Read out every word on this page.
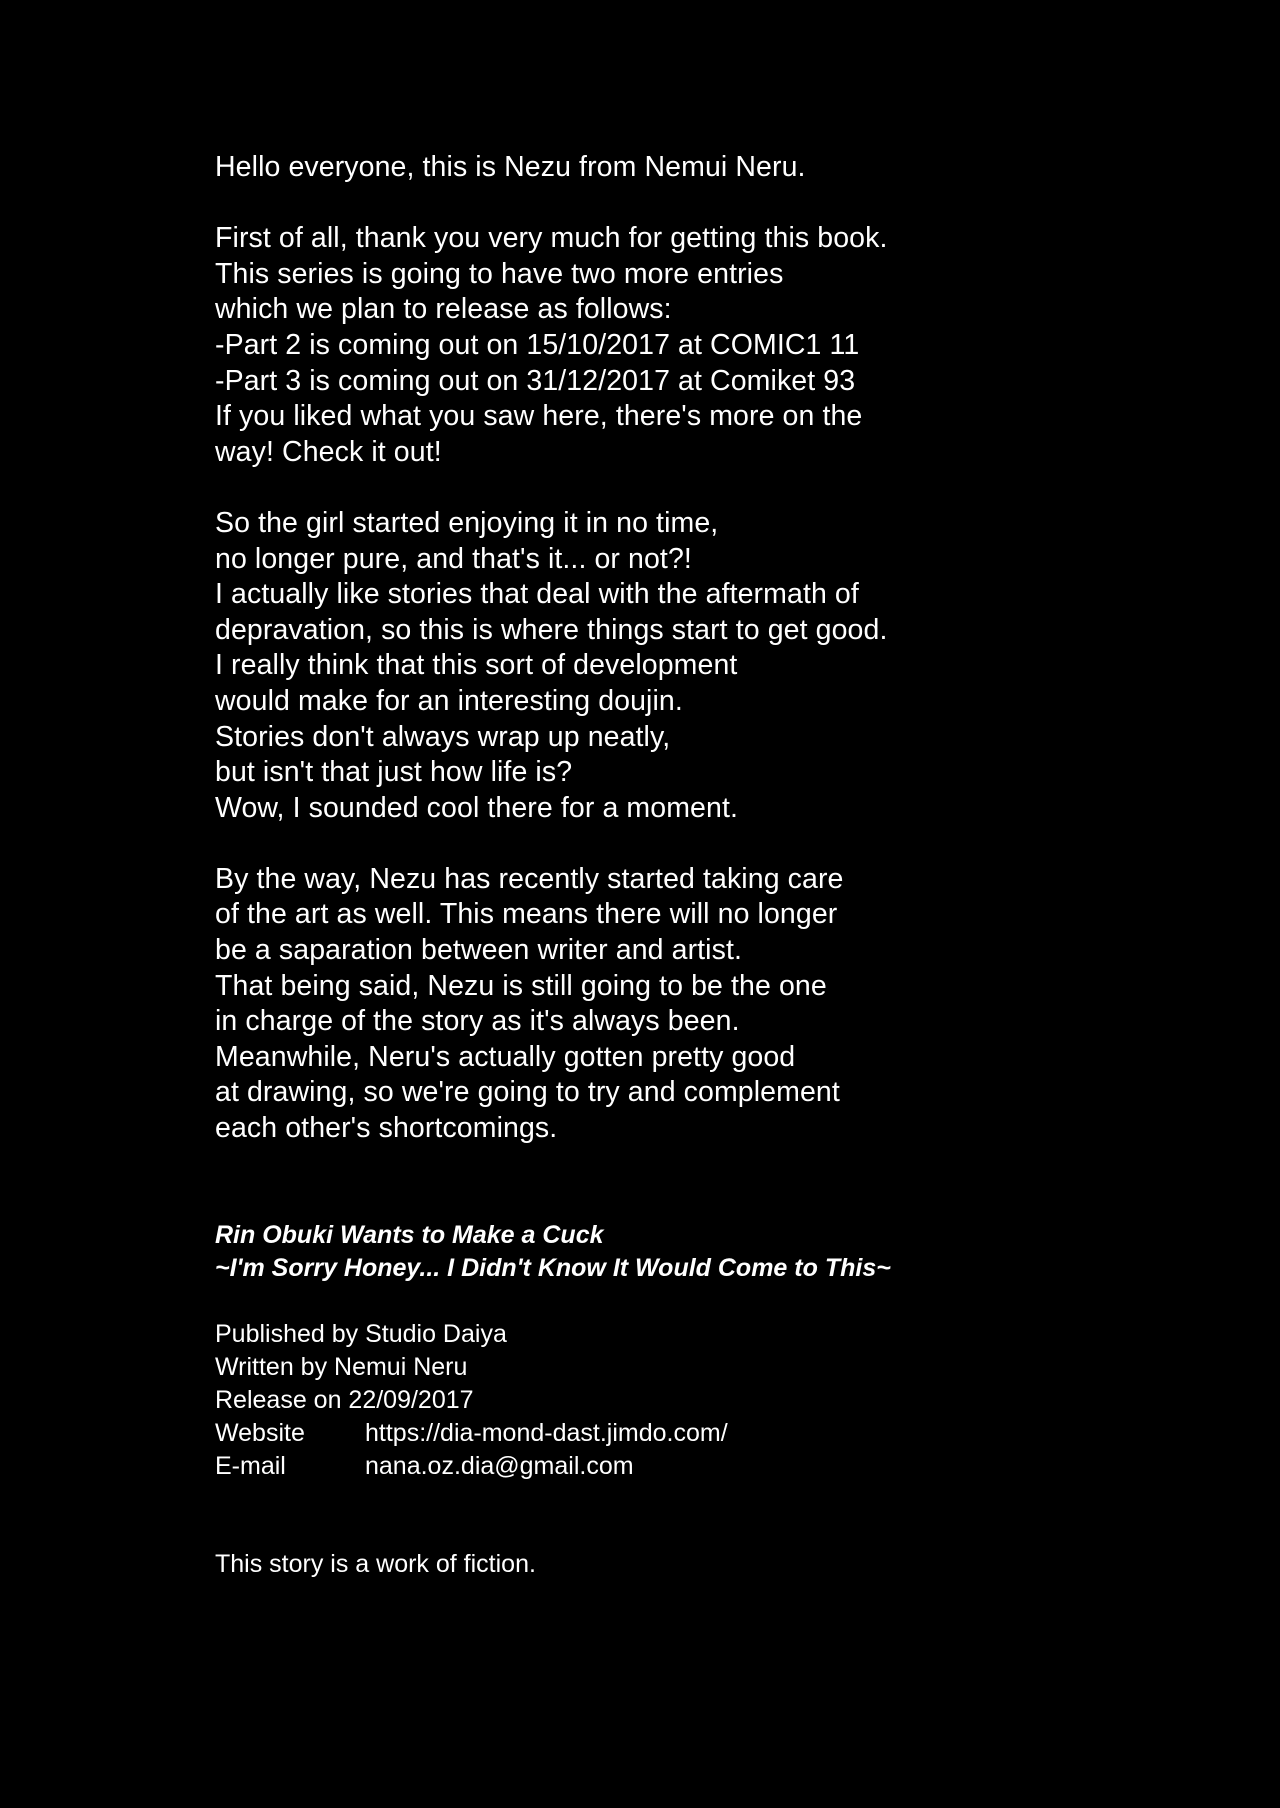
Hello everyone, this is Nezu from Nemui Neru.

First of all, thank you very much for getting this book.
This series is going to have two more entries
which we plan to release as follows:
-Part 2 is coming out on 15/10/2017 at COMIC1 11
-Part 3 is coming out on 31/12/2017 at Comiket 93
If you liked what you saw here, there's more on the
way! Check it out!

So the girl started enjoying it in no time,
no longer pure, and that's it... or not?!
I actually like stories that deal with the aftermath of
depravation, so this is where things start to get good.
I really think that this sort of development
would make for an interesting doujin.
Stories don't always wrap up neatly,
but isn't that just how life is?
Wow, I sounded cool there for a moment.

By the way, Nezu has recently started taking care
of the art as well. This means there will no longer
be a saparation between writer and artist.
That being said, Nezu is still going to be the one
in charge of the story as it's always been.
Meanwhile, Neru's actually gotten pretty good
at drawing, so we're going to try and complement
each other's shortcomings.

Rin Obuki Wants to Make a Cuck
~I'm Sorry Honey... I Didn't Know It Would Come to This~
Published by Studio Daiya
Written by Nemui Neru
Release on 22/09/2017
Website	https://dia-mond-dast.jimdo.com/
E-mail	nana.oz.dia@gmail.com
This story is a work of fiction.
